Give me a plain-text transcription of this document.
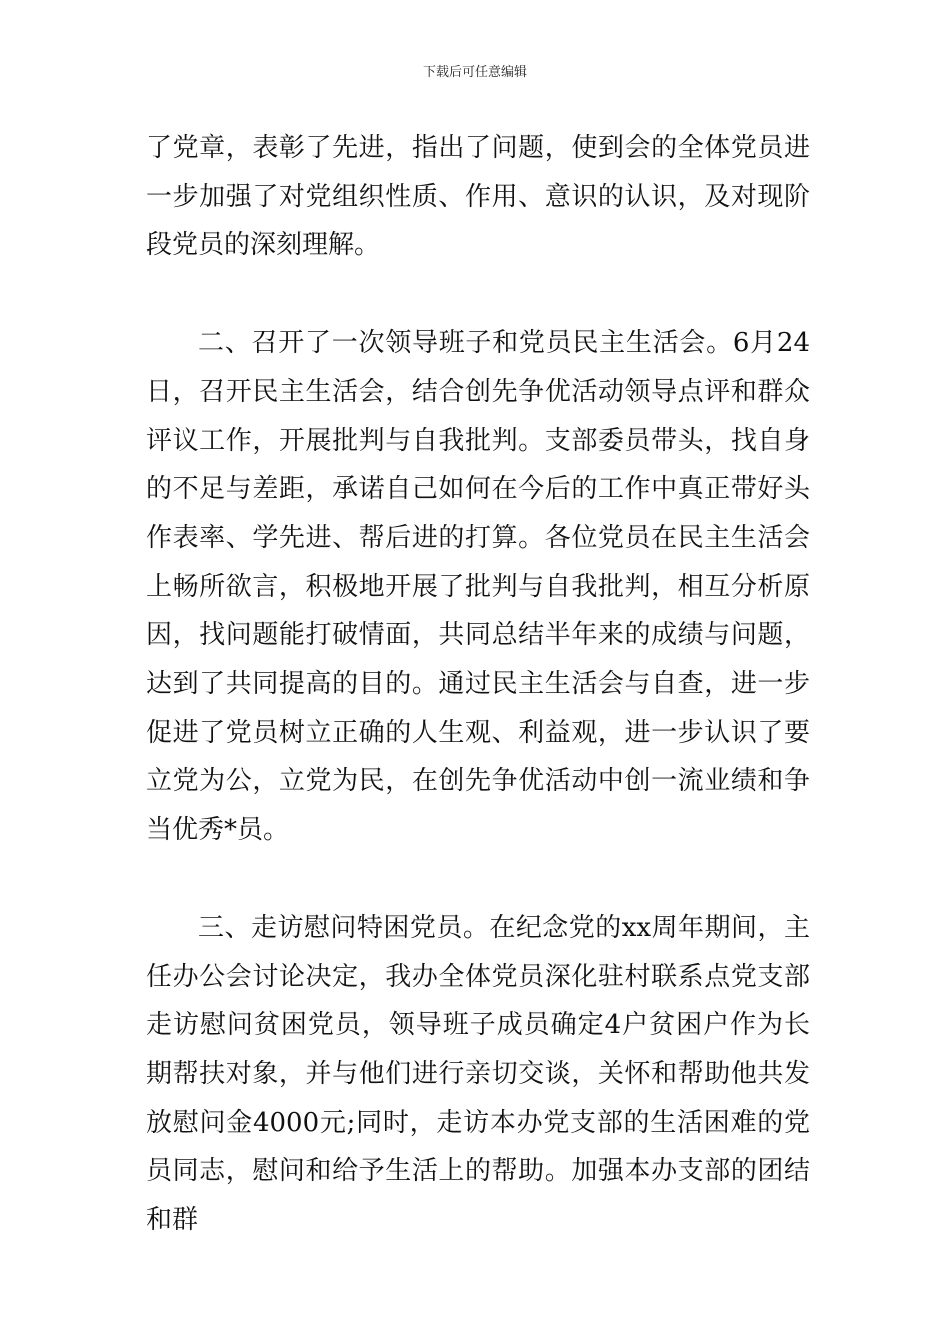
下载后可任意编辑

了党章，表彰了先进，指出了问题，使到会的全体党员进一步加强了对党组织性质、作用、意识的认识，及对现阶段党员的深刻理解。

二、召开了一次领导班子和党员民主生活会。6月24日，召开民主生活会，结合创先争优活动领导点评和群众评议工作，开展批判与自我批判。支部委员带头，找自身的不足与差距，承诺自己如何在今后的工作中真正带好头作表率、学先进、帮后进的打算。各位党员在民主生活会上畅所欲言，积极地开展了批判与自我批判，相互分析原因，找问题能打破情面，共同总结半年来的成绩与问题，达到了共同提高的目的。通过民主生活会与自查，进一步促进了党员树立正确的人生观、利益观，进一步认识了要立党为公，立党为民，在创先争优活动中创一流业绩和争当优秀*员。

三、走访慰问特困党员。在纪念党的xx周年期间，主任办公会讨论决定，我办全体党员深化驻村联系点党支部走访慰问贫困党员，领导班子成员确定4户贫困户作为长期帮扶对象，并与他们进行亲切交谈，关怀和帮助他共发放慰问金4000元;同时，走访本办党支部的生活困难的党员同志，慰问和给予生活上的帮助。加强本办支部的团结和群
